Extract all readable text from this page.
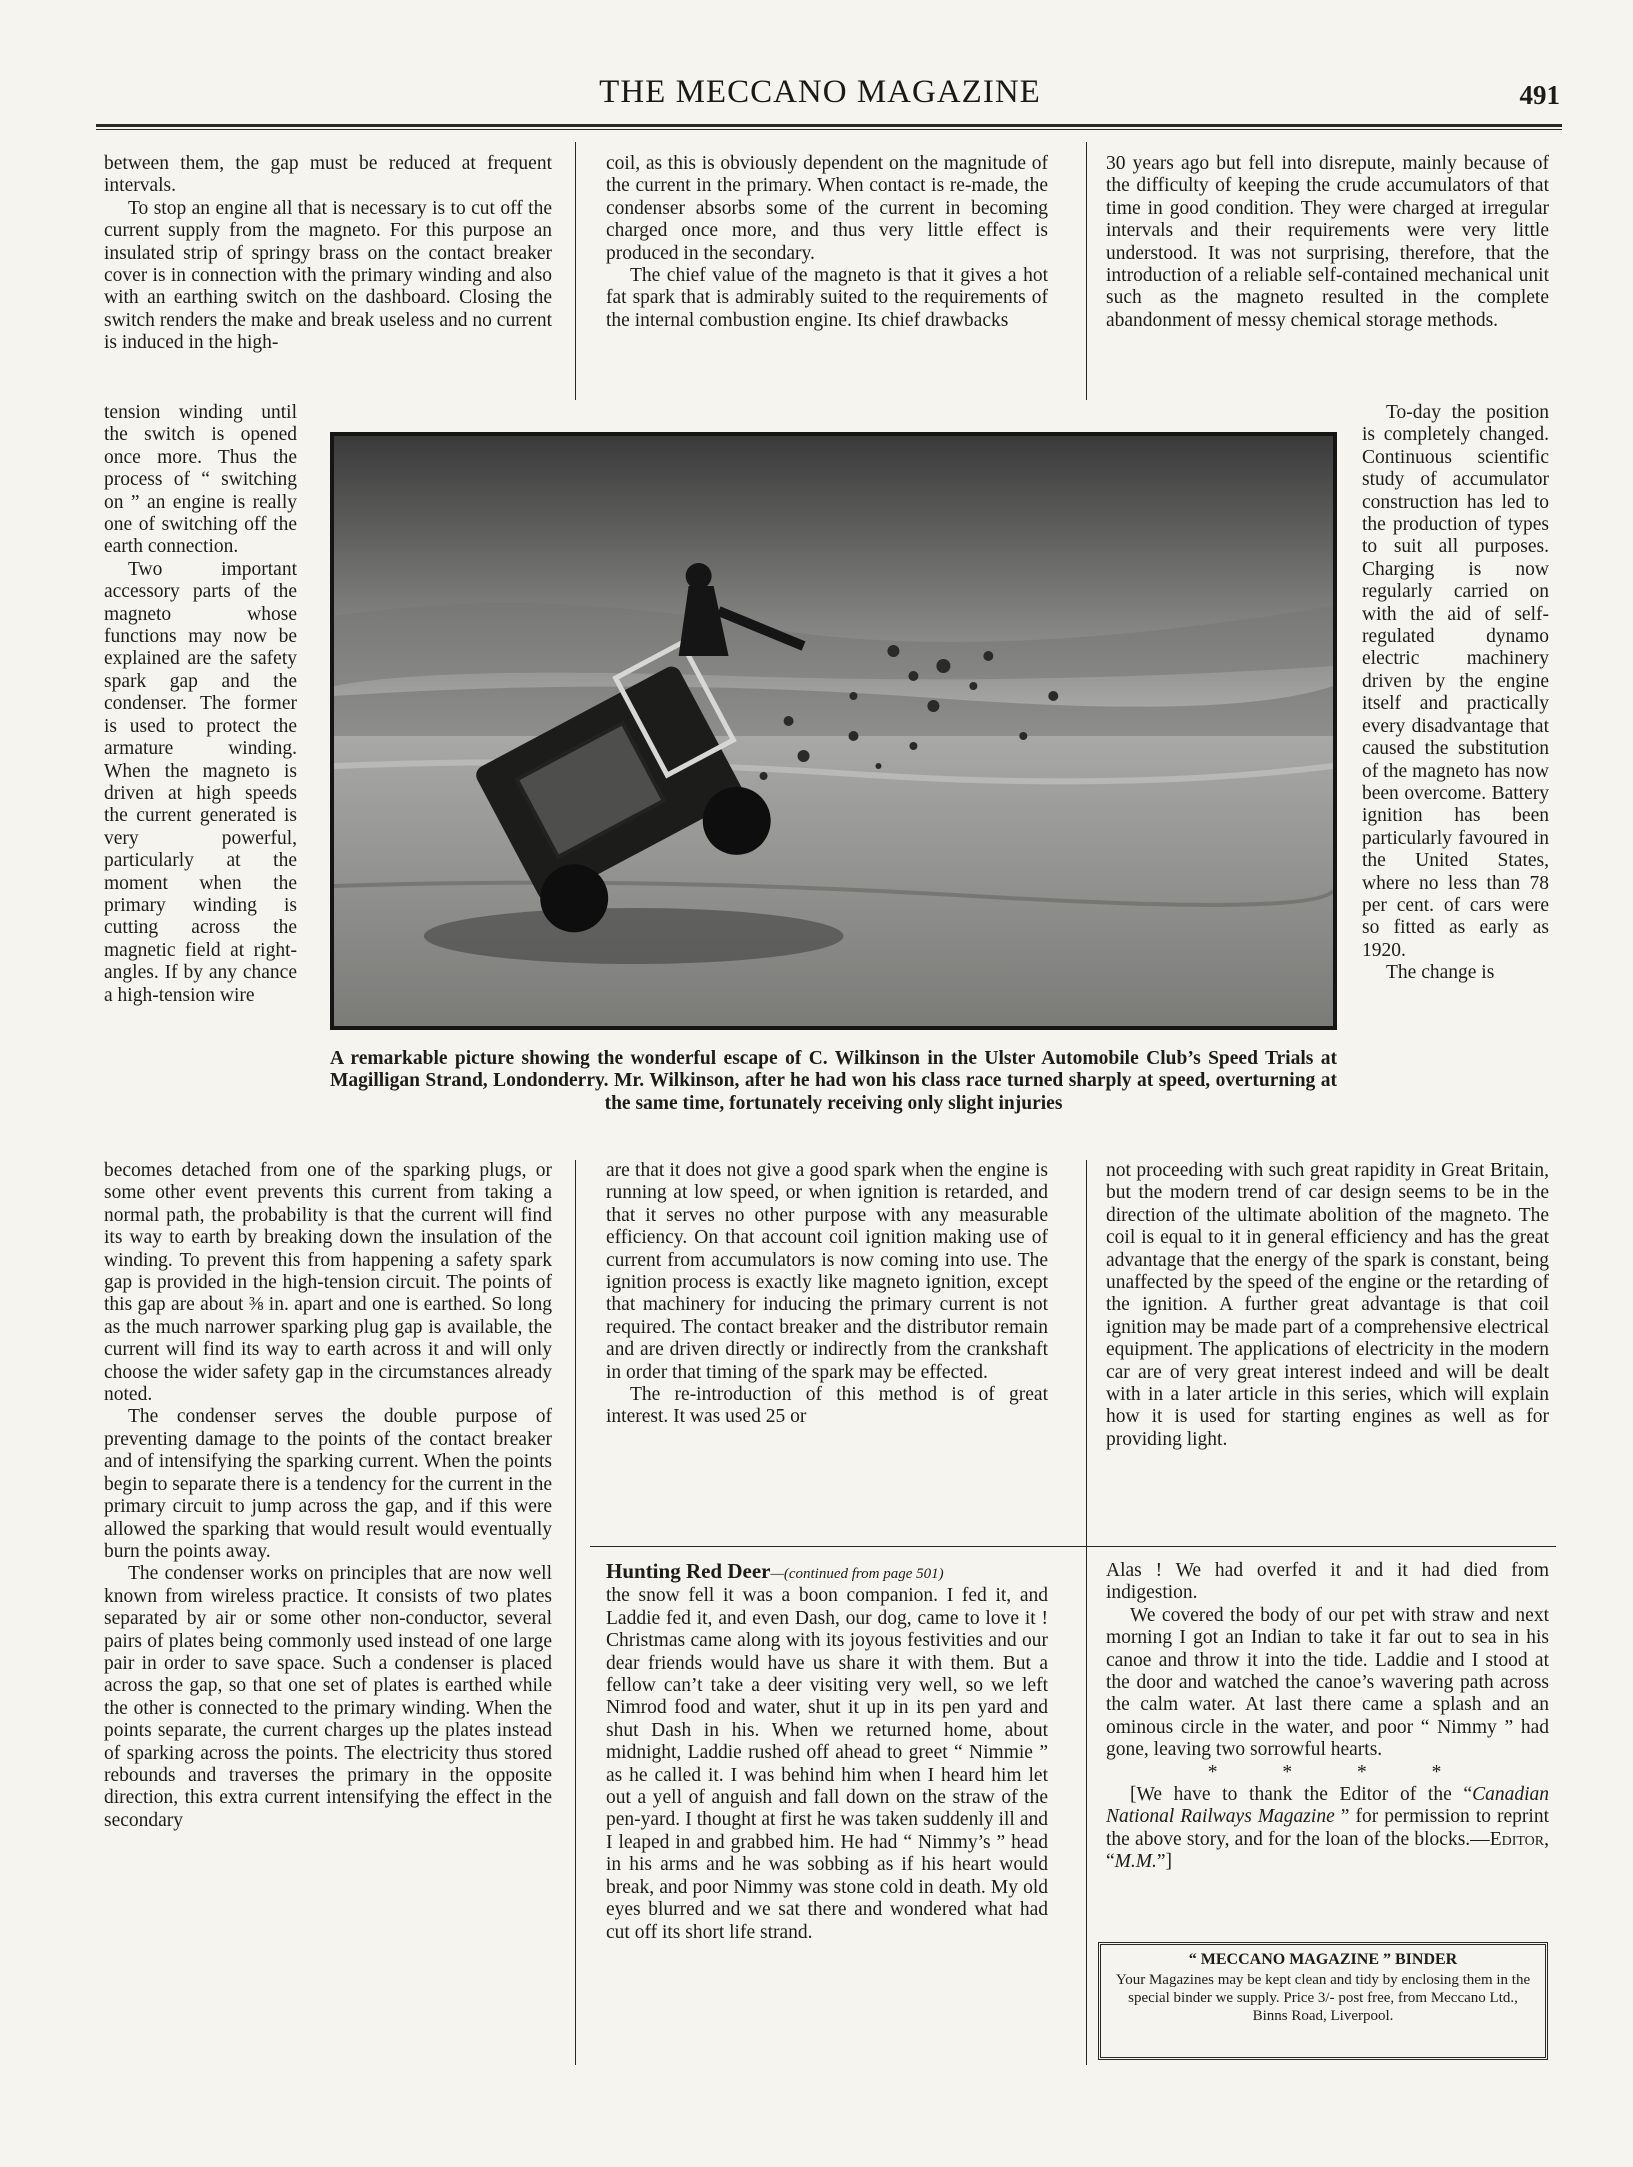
THE MECCANO MAGAZINE	491

between them, the gap must be reduced at frequent intervals.

To stop an engine all that is necessary is to cut off the current supply from the magneto. For this purpose an insulated strip of springy brass on the contact breaker cover is in connection with the primary winding and also with an earthing switch on the dashboard. Closing the switch renders the make and break useless and no current is induced in the high-

tension winding until the switch is opened once more. Thus the process of “ switching on ” an engine is really one of switching off the earth connection.

Two important accessory parts of the magneto whose functions may now be explained are the safety spark gap and the condenser. The former is used to protect the armature winding. When the magneto is driven at high speeds the current generated is very powerful, particularly at the moment when the primary winding is cutting across the magnetic field at right-angles. If by any chance a high-tension wire

becomes detached from one of the sparking plugs, or some other event prevents this current from taking a normal path, the probability is that the current will find its way to earth by breaking down the insulation of the winding. To prevent this from happening a safety spark gap is provided in the high-tension circuit. The points of this gap are about ⅜ in. apart and one is earthed. So long as the much narrower sparking plug gap is available, the current will find its way to earth across it and will only choose the wider safety gap in the circumstances already noted.

The condenser serves the double purpose of preventing damage to the points of the contact breaker and of intensifying the sparking current. When the points begin to separate there is a tendency for the current in the primary circuit to jump across the gap, and if this were allowed the sparking that would result would eventually burn the points away.

The condenser works on principles that are now well known from wireless practice. It consists of two plates separated by air or some other non-conductor, several pairs of plates being commonly used instead of one large pair in order to save space. Such a condenser is placed across the gap, so that one set of plates is earthed while the other is connected to the primary winding. When the points separate, the current charges up the plates instead of sparking across the points. The electricity thus stored rebounds and traverses the primary in the opposite direction, this extra current intensifying the effect in the secondary

coil, as this is obviously dependent on the magnitude of the current in the primary. When contact is re-made, the condenser absorbs some of the current in becoming charged once more, and thus very little effect is produced in the secondary.

The chief value of the magneto is that it gives a hot fat spark that is admirably suited to the requirements of the internal combustion engine. Its chief drawbacks

30 years ago but fell into disrepute, mainly because of the difficulty of keeping the crude accumulators of that time in good condition. They were charged at irregular intervals and their requirements were very little understood. It was not surprising, therefore, that the introduction of a reliable self-contained mechanical unit such as the magneto resulted in the complete abandonment of messy chemical storage methods.

To-day the position is completely changed. Continuous scientific study of accumulator construction has led to the production of types to suit all purposes. Charging is now regularly carried on with the aid of self-regulated dynamo electric machinery driven by the engine itself and practically every disadvantage that caused the substitution of the magneto has now been overcome. Battery ignition has been particularly favoured in the United States, where no less than 78 per cent. of cars were so fitted as early as 1920.

The change is

A remarkable picture showing the wonderful escape of C. Wilkinson in the Ulster Automobile Club’s Speed Trials at Magilligan Strand, Londonderry. Mr. Wilkinson, after he had won his class race turned sharply at speed, overturning at the same time, fortunately receiving only slight injuries

are that it does not give a good spark when the engine is running at low speed, or when ignition is retarded, and that it serves no other purpose with any measurable efficiency. On that account coil ignition making use of current from accumulators is now coming into use. The ignition process is exactly like magneto ignition, except that machinery for inducing the primary current is not required. The contact breaker and the distributor remain and are driven directly or indirectly from the crankshaft in order that timing of the spark may be effected.

The re-introduction of this method is of great interest. It was used 25 or

not proceeding with such great rapidity in Great Britain, but the modern trend of car design seems to be in the direction of the ultimate abolition of the magneto. The coil is equal to it in general efficiency and has the great advantage that the energy of the spark is constant, being unaffected by the speed of the engine or the retarding of the ignition. A further great advantage is that coil ignition may be made part of a comprehensive electrical equipment. The applications of electricity in the modern car are of very great interest indeed and will be dealt with in a later article in this series, which will explain how it is used for starting engines as well as for providing light.

Hunting Red Deer—(continued from page 501)

the snow fell it was a boon companion. I fed it, and Laddie fed it, and even Dash, our dog, came to love it ! Christmas came along with its joyous festivities and our dear friends would have us share it with them. But a fellow can’t take a deer visiting very well, so we left Nimrod food and water, shut it up in its pen yard and shut Dash in his. When we returned home, about midnight, Laddie rushed off ahead to greet “ Nimmie ” as he called it. I was behind him when I heard him let out a yell of anguish and fall down on the straw of the pen-yard. I thought at first he was taken suddenly ill and I leaped in and grabbed him. He had “ Nimmy’s ” head in his arms and he was sobbing as if his heart would break, and poor Nimmy was stone cold in death. My old eyes blurred and we sat there and wondered what had cut off its short life strand.

Alas ! We had overfed it and it had died from indigestion.

We covered the body of our pet with straw and next morning I got an Indian to take it far out to sea in his canoe and throw it into the tide. Laddie and I stood at the door and watched the canoe’s wavering path across the calm water. At last there came a splash and an ominous circle in the water, and poor “ Nimmy ” had gone, leaving two sorrowful hearts.

* * * *

[We have to thank the Editor of the “Canadian National Railways Magazine ” for permission to reprint the above story, and for the loan of the blocks.—Editor, “M.M.”]

“ MECCANO MAGAZINE ” BINDER
Your Magazines may be kept clean and tidy by enclosing them in the special binder we supply. Price 3/- post free, from Meccano Ltd., Binns Road, Liverpool.
